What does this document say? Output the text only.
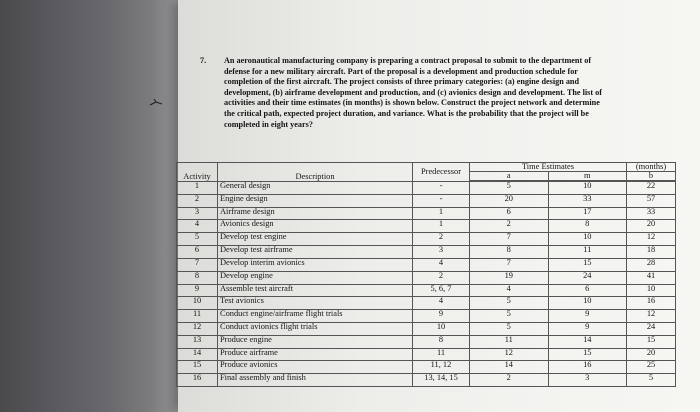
7. An aeronautical manufacturing company is preparing a contract proposal to submit to the department of defense for a new military aircraft. Part of the proposal is a development and production schedule for completion of the first aircraft. The project consists of three primary categories: (a) engine design and development, (b) airframe development and production, and (c) avionics design and development. The list of activities and their time estimates (in months) is shown below. Construct the project network and determine the critical path, expected project duration, and variance. What is the probability that the project will be completed in eight years?
Activity	Description	Predecessor	Time Estimates		(months)
			a	m	b

1	General design	-	5	10	22
2	Engine design	-	20	33	57
3	Airframe design	1	6	17	33
4	Avionics design	1	2	8	20
5	Develop test engine	2	7	10	12
6	Develop test airframe	3	8	11	18
7	Develop interim avionics	4	7	15	28
8	Develop engine	2	19	24	41
9	Assemble test aircraft	5, 6, 7	4	6	10
10	Test avionics	4	5	10	16
11	Conduct engine/airframe flight trials	9	5	9	12
12	Conduct avionics flight trials	10	5	9	24
13	Produce engine	8	11	14	15
14	Produce airframe	11	12	15	20
15	Produce avionics	11, 12	14	16	25
16	Final assembly and finish	13, 14, 15	2	3	5
